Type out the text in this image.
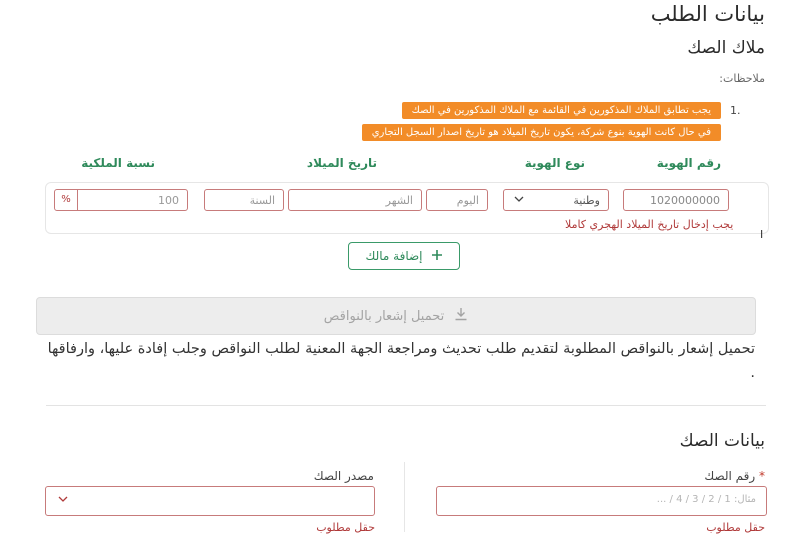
بيانات الطلب
ملاك الصك
ملاحظات:
1.
يجب تطابق الملاك المذكورين في القائمة مع الملاك المذكورين في الصك
في حال كانت الهوية بنوع شركة، يكون تاريخ الميلاد هو تاريخ اصدار السجل التجاري
رقم الهوية
نوع الهوية
تاريخ الميلاد
نسبة الملكية
1020000000
وطنية
اليوم
الشهر
السنة
100
%
يجب إدخال تاريخ الميلاد الهجري كاملا
I
إضافة مالك
تحميل إشعار بالنواقص
تحميل إشعار بالنواقص المطلوبة لتقديم طلب تحديث ومراجعة الجهة المعنية لطلب النواقص وجلب إفادة عليها، وارفاقها .
بيانات الصك
* رقم الصك
مصدر الصك
مثال: 1 / 2 / 3 / 4 / ...
حقل مطلوب
حقل مطلوب
